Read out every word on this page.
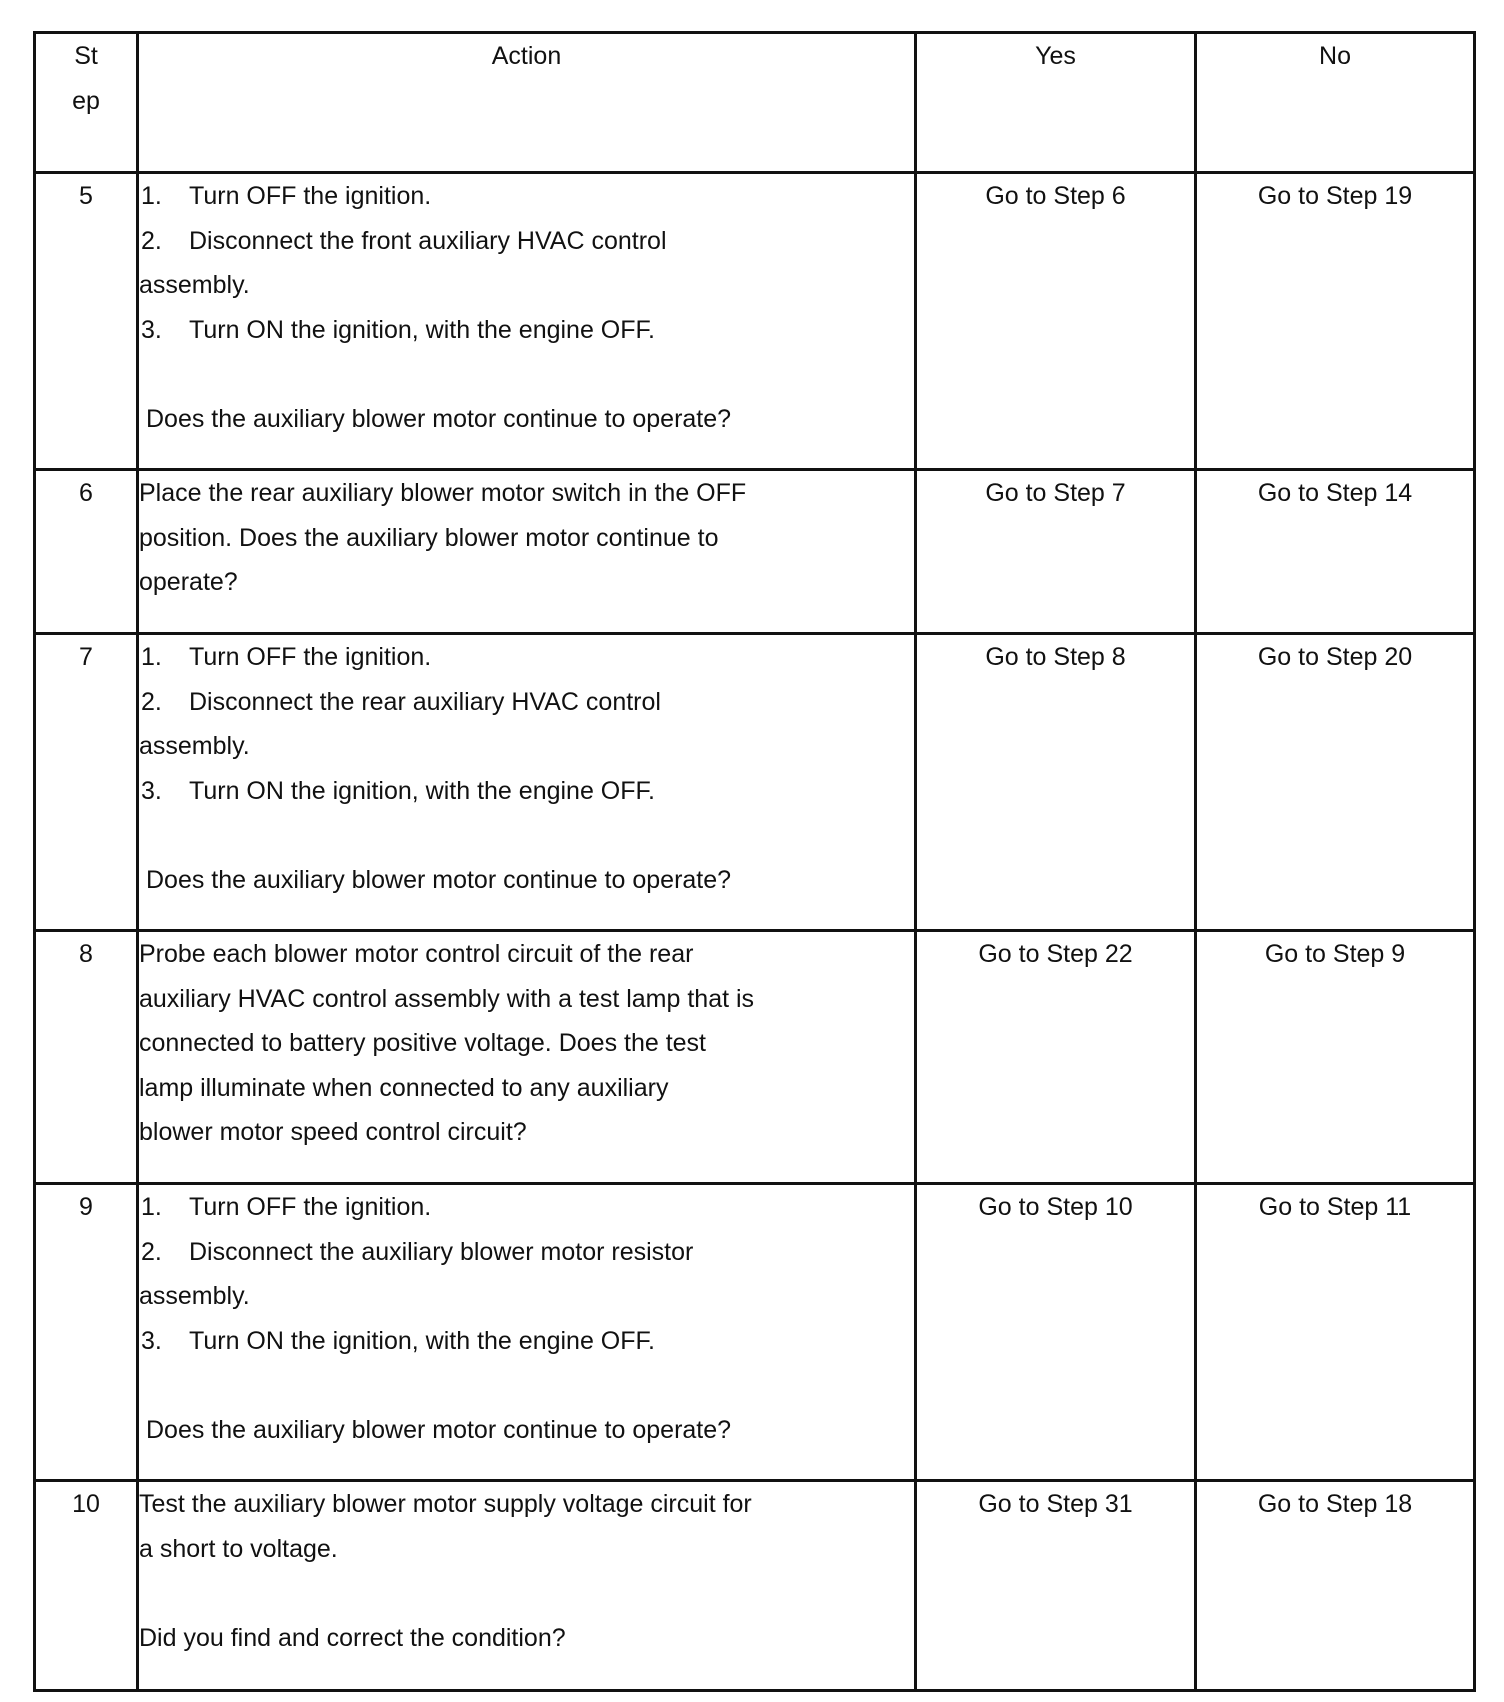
St
ep	Action	Yes	No
5	1. Turn OFF the ignition.
2. Disconnect the front auxiliary HVAC control
assembly.
3. Turn ON the ignition, with the engine OFF.
Does the auxiliary blower motor continue to operate?	Go to Step 6	Go to Step 19
6	Place the rear auxiliary blower motor switch in the OFF
position. Does the auxiliary blower motor continue to
operate?	Go to Step 7	Go to Step 14
7	1. Turn OFF the ignition.
2. Disconnect the rear auxiliary HVAC control
assembly.
3. Turn ON the ignition, with the engine OFF.
Does the auxiliary blower motor continue to operate?	Go to Step 8	Go to Step 20
8	Probe each blower motor control circuit of the rear
auxiliary HVAC control assembly with a test lamp that is
connected to battery positive voltage. Does the test
lamp illuminate when connected to any auxiliary
blower motor speed control circuit?	Go to Step 22	Go to Step 9
9	1. Turn OFF the ignition.
2. Disconnect the auxiliary blower motor resistor
assembly.
3. Turn ON the ignition, with the engine OFF.
Does the auxiliary blower motor continue to operate?	Go to Step 10	Go to Step 11
10	Test the auxiliary blower motor supply voltage circuit for
a short to voltage.
Did you find and correct the condition?	Go to Step 31	Go to Step 18
